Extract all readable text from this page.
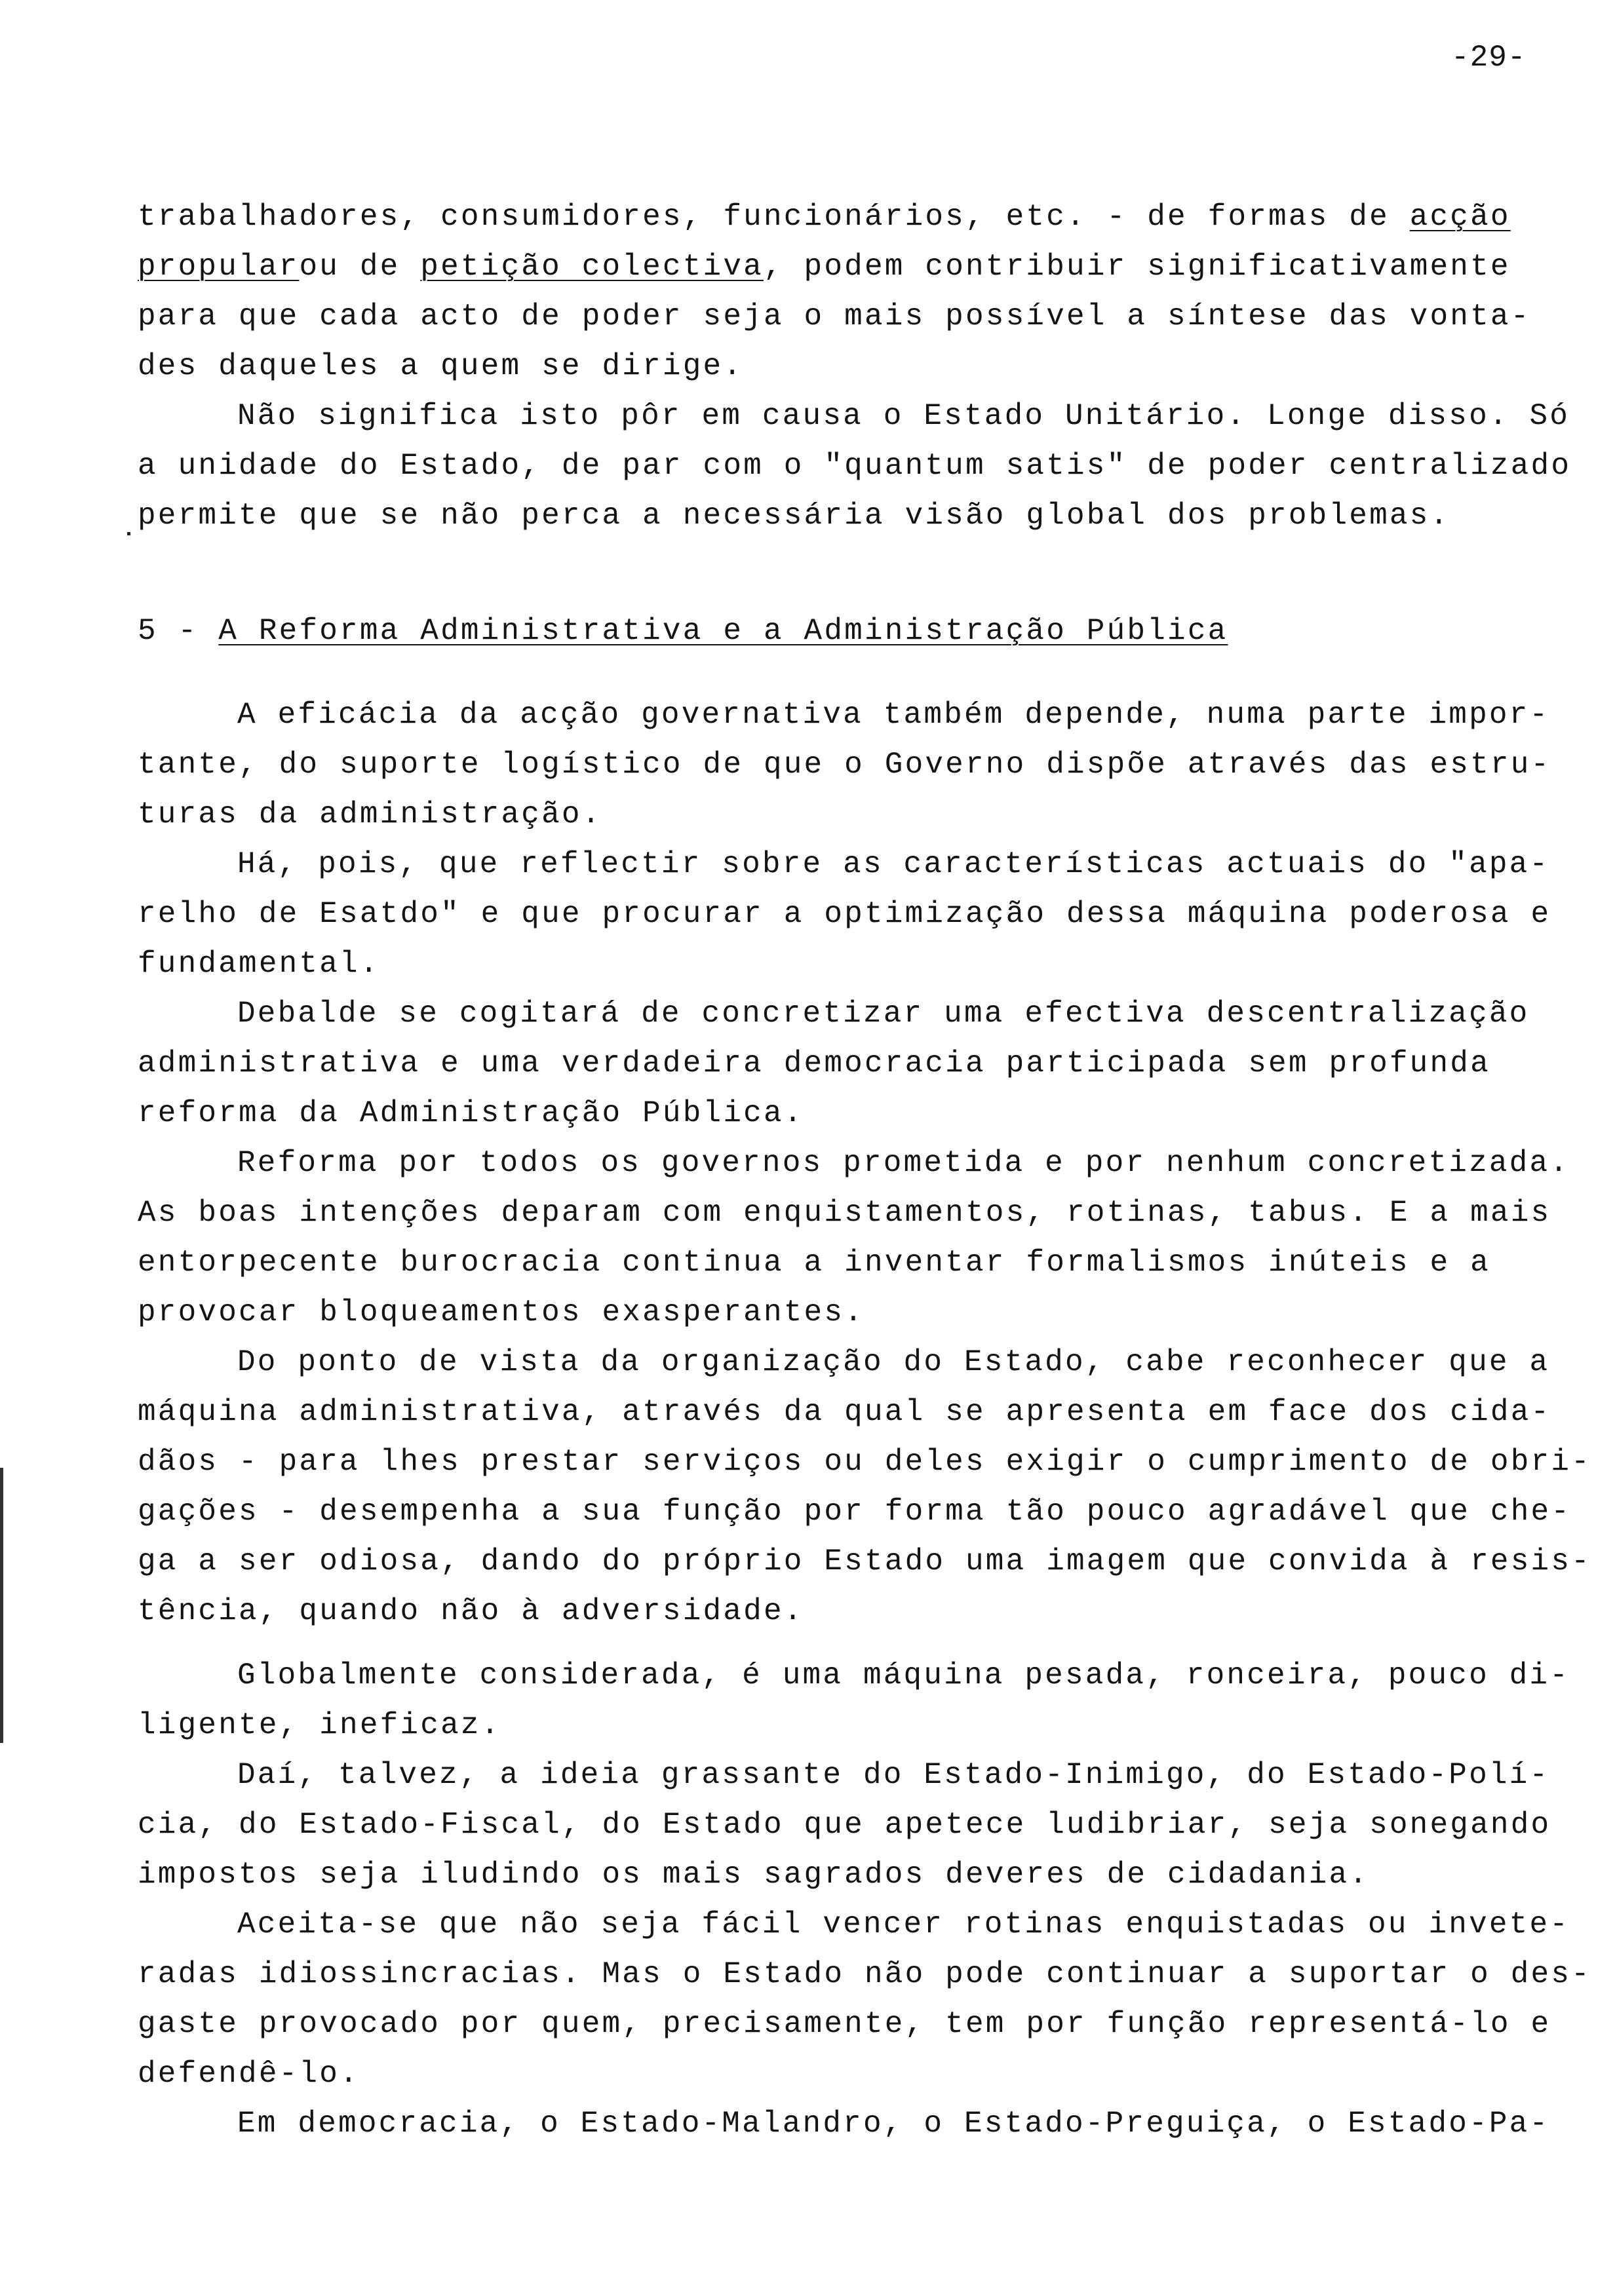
-29-
trabalhadores, consumidores, funcionários, etc. - de formas de acção
propularou de petição colectiva, podem contribuir significativamente
para que cada acto de poder seja o mais possível a síntese das vonta-
des daqueles a quem se dirige.
Não significa isto pôr em causa o Estado Unitário. Longe disso. Só
a unidade do Estado, de par com o "quantum satis" de poder centralizado
permite que se não perca a necessária visão global dos problemas.
5 - A Reforma Administrativa e a Administração Pública
A eficácia da acção governativa também depende, numa parte impor-
tante, do suporte logístico de que o Governo dispõe através das estru-
turas da administração.
Há, pois, que reflectir sobre as características actuais do "apa-
relho de Esatdo" e que procurar a optimização dessa máquina poderosa e
fundamental.
Debalde se cogitará de concretizar uma efectiva descentralização
administrativa e uma verdadeira democracia participada sem profunda
reforma da Administração Pública.
Reforma por todos os governos prometida e por nenhum concretizada.
As boas intenções deparam com enquistamentos, rotinas, tabus. E a mais
entorpecente burocracia continua a inventar formalismos inúteis e a
provocar bloqueamentos exasperantes.
Do ponto de vista da organização do Estado, cabe reconhecer que a
máquina administrativa, através da qual se apresenta em face dos cida-
dãos - para lhes prestar serviços ou deles exigir o cumprimento de obri-
gações - desempenha a sua função por forma tão pouco agradável que che-
ga a ser odiosa, dando do próprio Estado uma imagem que convida à resis-
tência, quando não à adversidade.
Globalmente considerada, é uma máquina pesada, ronceira, pouco di-
ligente, ineficaz.
Daí, talvez, a ideia grassante do Estado-Inimigo, do Estado-Polí-
cia, do Estado-Fiscal, do Estado que apetece ludibriar, seja sonegando
impostos seja iludindo os mais sagrados deveres de cidadania.
Aceita-se que não seja fácil vencer rotinas enquistadas ou invete-
radas idiossincracias. Mas o Estado não pode continuar a suportar o des-
gaste provocado por quem, precisamente, tem por função representá-lo e
defendê-lo.
Em democracia, o Estado-Malandro, o Estado-Preguiça, o Estado-Pa-
